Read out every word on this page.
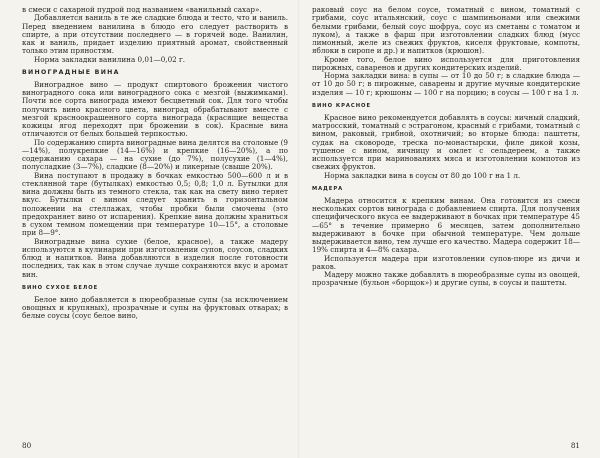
в смеси с сахарной пудрой под названием «ванильный сахар».

Добавляется ваниль в те же сладкие блюда и тесто, что и ваниль. Перед введением ванилина в блюдо его следует растворить в спирте, а при отсутствии последнего — в горячей воде. Ванилин, как и ваниль, придает изделию приятный аромат, свойственный только этим пряностям.

Норма закладки ванилина 0,01—0,02 г.

ВИНОГРАДНЫЕ ВИНА

Виноградное вино — продукт спиртового брожения чистого виноградного сока или виноградного сока с мезгой (выжимками). Почти все сорта винограда имеют бесцветный сок. Для того чтобы получить вино красного цвета, виноград обрабатывают вместе с мезгой красноокрашенного сорта винограда (красящие вещества кожицы ягод переходят при брожении в сок). Красные вина отличаются от белых большей терпкостью.

По содержанию спирта виноградные вина делятся на столовые (9—14%), полукрепкие (14—16%) и крепкие (16—20%), а по содержанию сахара — на сухие (до 7%), полусухие (1—4%), полусладкие (3—7%), сладкие (8—20%) и ликерные (свыше 20%).

Вина поступают в продажу в бочках емкостью 500—600 л и в стеклянной таре (бутылках) емкостью 0,5; 0,8; 1,0 л. Бутылки для вина должны быть из темного стекла, так как на свету вино теряет вкус. Бутылки с вином следует хранить в горизонтальном положении на стеллажах, чтобы пробки были смочены (это предохраняет вино от испарения). Крепкие вина должны храниться в сухом темном помещении при температуре 10—15°, а столовые при 8—9°.

Виноградные вина сухие (белое, красное), а также мадеру используются в кулинарии при изготовлении супов, соусов, сладких блюд и напитков. Вина добавляются в изделия после готовности последних, так как в этом случае лучше сохраняются вкус и аромат вин.

ВИНО СУХОЕ БЕЛОЕ

Белое вино добавляется в пюреобразные супы (за исключением овощных и крупяных), прозрачные и супы на фруктовых отварах; в белые соусы (соус белое вино,

80

раковый соус на белом соусе, томатный с вином, томатный с грибами, соус итальянский, соус с шампиньонами или свежими белыми грибами, белый соус шофруа, соус из сметаны с томатом и луком), а также в фарш при изготовлении сладких блюд (мусс лимонный, желе из свежих фруктов, киселя фруктовые, компоты, яблоки в сиропе и др.) и напитков (крюшон).

Кроме того, белое вино используется для приготовления пирожных, саваренов и других кондитерских изделий.

Норма закладки вина: в супы — от 10 до 50 г; в сладкие блюда — от 10 до 50 г; в пирожные, саварены и другие мучные кондитерские изделия — 10 г; крюшоны — 100 г на порцию; в соусы — 100 г на 1 л.

ВИНО КРАСНОЕ

Красное вино рекомендуется добавлять в соусы: яичный сладкий, матросский, томатный с эстрагоном, красный с грибами, томатный с вином, раковый, грибной, охотничий; во вторые блюда: паштеты, судак на сковороде, треска по-монастырски, филе дикой козы, тушеное с вином, яичницу и омлет с сельдереем, а также используется при маринованиях мяса и изготовлении компотов из свежих фруктов.

Норма закладки вина в соусы от 80 до 100 г на 1 л.

МАДЕРА

Мадера относится к крепким винам. Она готовится из смеси нескольких сортов винограда с добавлением спирта. Для получения специфического вкуса ее выдерживают в бочках при температуре 45—65° в течение примерно 6 месяцев, затем дополнительно выдерживают в бочке при обычной температуре. Чем дольше выдерживается вино, тем лучше его качество. Мадера содержит 18—19% спирта и 4—8% сахара.

Используется мадера при изготовлении супов-пюре из дичи и раков.

Мадеру можно также добавлять в пюреобразные супы из овощей, прозрачные (бульон «борщок») и другие супы, в соусы и паштеты.

81
